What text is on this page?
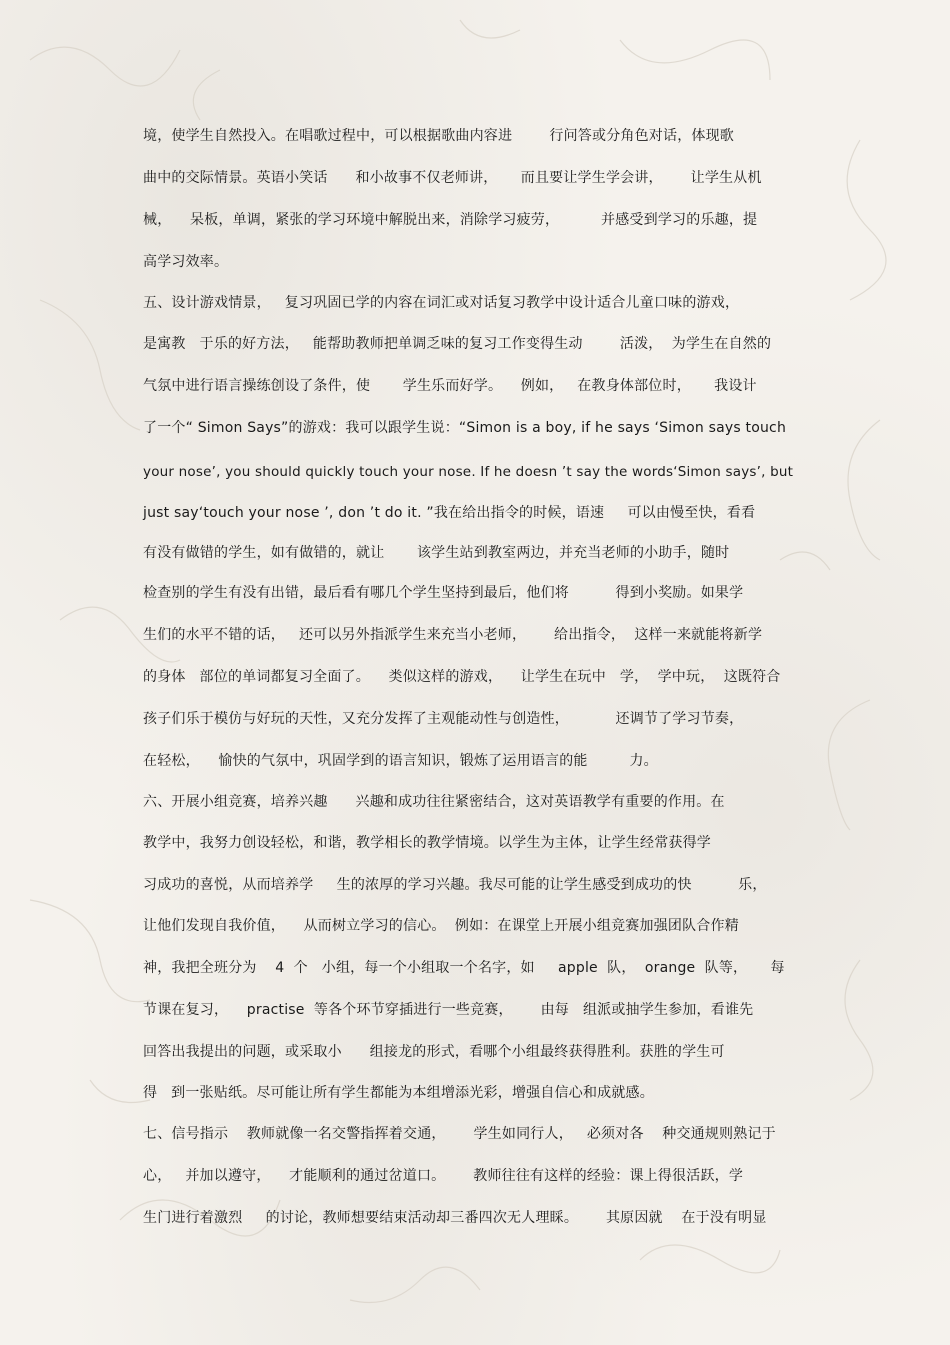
境，使学生自然投入。在唱歌过程中，可以根据歌曲内容进        行问答或分角色对话，体现歌
曲中的交际情景。英语小笑话      和小故事不仅老师讲，     而且要让学生学会讲，      让学生从机
械，    呆板，单调，紧张的学习环境中解脱出来，消除学习疲劳，         并感受到学习的乐趣，提
高学习效率。
五、设计游戏情景，   复习巩固已学的内容在词汇或对话复习教学中设计适合儿童口味的游戏，
是寓教   于乐的好方法，   能帮助教师把单调乏味的复习工作变得生动        活泼，  为学生在自然的
气氛中进行语言操练创设了条件，使       学生乐而好学。    例如，   在教身体部位时，     我设计
了一个“ Simon Says”的游戏：我可以跟学生说：“Simon is a boy, if he says ‘Simon says touch
your nose’, you should quickly touch your nose. If he doesn ’t say the words‘Simon says’, but
just say‘touch your nose ’, don ’t do it. ”我在给出指令的时候，语速     可以由慢至快，看看
有没有做错的学生，如有做错的，就让       该学生站到教室两边，并充当老师的小助手，随时
检查别的学生有没有出错，最后看有哪几个学生坚持到最后，他们将          得到小奖励。如果学
生们的水平不错的话，   还可以另外指派学生来充当小老师，      给出指令，  这样一来就能将新学
的身体   部位的单词都复习全面了。    类似这样的游戏，    让学生在玩中   学，  学中玩，  这既符合
孩子们乐于模仿与好玩的天性，又充分发挥了主观能动性与创造性，          还调节了学习节奏，
在轻松，    愉快的气氛中，巩固学到的语言知识，锻炼了运用语言的能         力。
六、开展小组竞赛，培养兴趣      兴趣和成功往往紧密结合，这对英语教学有重要的作用。在
教学中，我努力创设轻松，和谐，教学相长的教学情境。以学生为主体，让学生经常获得学
习成功的喜悦，从而培养学     生的浓厚的学习兴趣。我尽可能的让学生感受到成功的快          乐，
让他们发现自我价值，    从而树立学习的信心。  例如：在课堂上开展小组竞赛加强团队合作精
神，我把全班分为    4  个   小组，每一个小组取一个名字，如     apple  队，  orange  队等，     每
节课在复习，    practise  等各个环节穿插进行一些竞赛，      由每   组派或抽学生参加，看谁先
回答出我提出的问题，或采取小      组接龙的形式，看哪个小组最终获得胜利。获胜的学生可
得   到一张贴纸。尽可能让所有学生都能为本组增添光彩，增强自信心和成就感。
七、信号指示    教师就像一名交警指挥着交通，      学生如同行人，   必须对各    种交通规则熟记于
心，   并加以遵守，    才能顺利的通过岔道口。      教师往往有这样的经验：课上得很活跃，学
生门进行着激烈     的讨论，教师想要结束活动却三番四次无人理睬。      其原因就    在于没有明显
